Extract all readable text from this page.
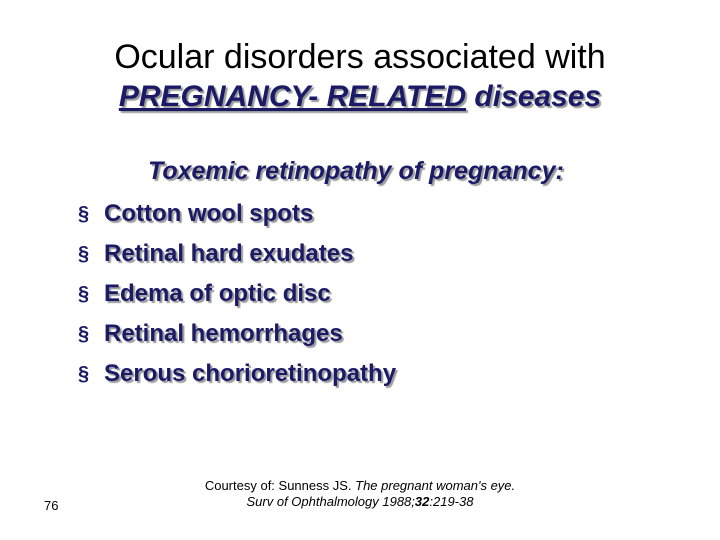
Ocular disorders associated with
PREGNANCY- RELATED diseases
Toxemic retinopathy of pregnancy:
§ Cotton wool spots
§ Retinal hard exudates
§ Edema of optic disc
§ Retinal hemorrhages
§ Serous chorioretinopathy
76
Courtesy of: Sunness JS. The pregnant woman's eye.
Surv of Ophthalmology 1988;32:219-38
